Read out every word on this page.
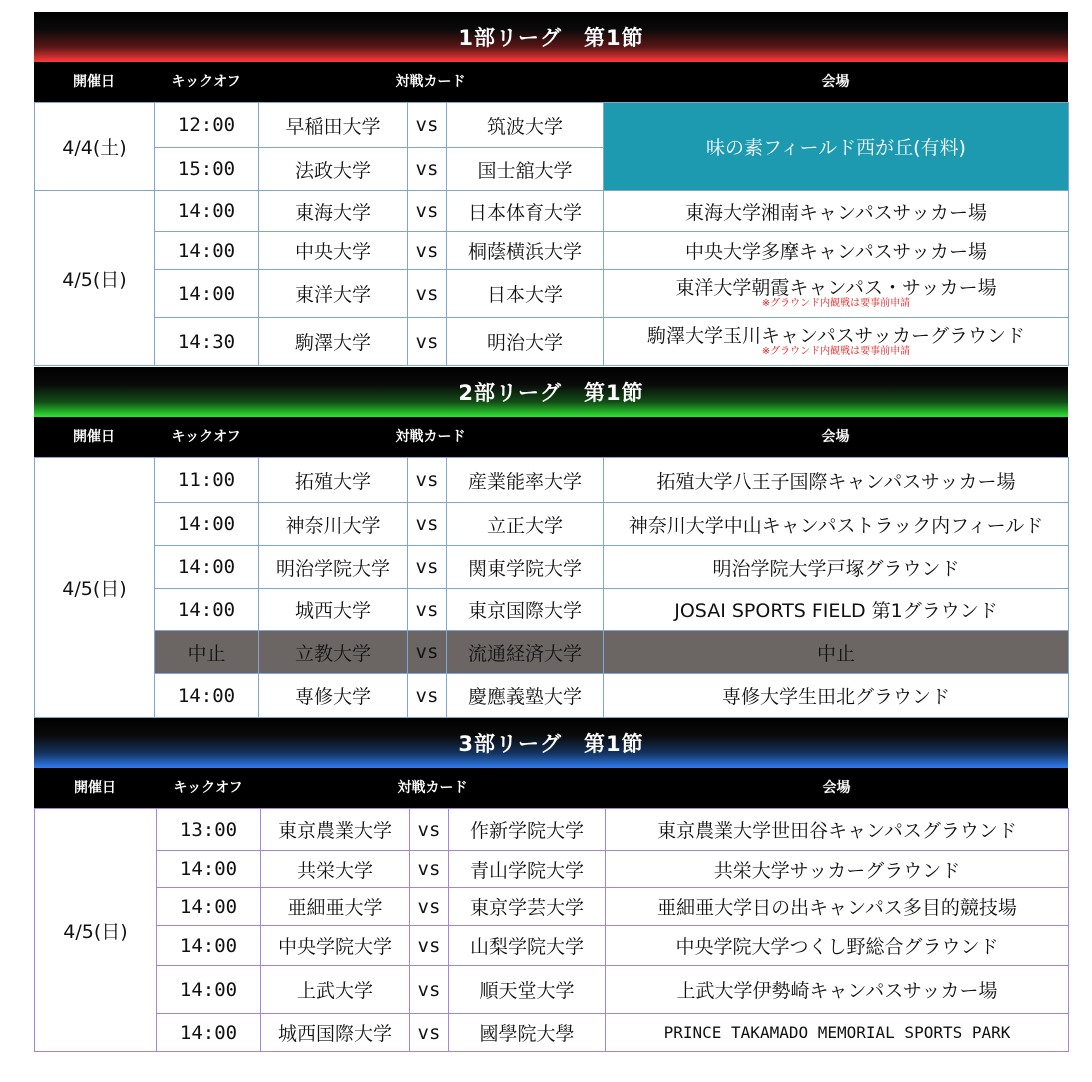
1部リーグ　第1節
開催日	キックオフ	対戦カード	会場
4/4(土)	12:00	早稲田大学	vs	筑波大学	味の素フィールド西が丘(有料)
	15:00	法政大学	vs	国士舘大学	
4/5(日)	14:00	東海大学	vs	日本体育大学	東海大学湘南キャンパスサッカー場
	14:00	中央大学	vs	桐蔭横浜大学	中央大学多摩キャンパスサッカー場
	14:00	東洋大学	vs	日本大学	東洋大学朝霞キャンパス・サッカー場
※グラウンド内観戦は要事前申請

	14:30	駒澤大学	vs	明治大学	駒澤大学玉川キャンパスサッカーグラウンド
※グラウンド内観戦は要事前申請
2部リーグ　第1節
開催日	キックオフ	対戦カード	会場
4/5(日)	11:00	拓殖大学	vs	産業能率大学	拓殖大学八王子国際キャンパスサッカー場
	14:00	神奈川大学	vs	立正大学	神奈川大学中山キャンパストラック内フィールド
	14:00	明治学院大学	vs	関東学院大学	明治学院大学戸塚グラウンド
	14:00	城西大学	vs	東京国際大学	JOSAI SPORTS FIELD 第1グラウンド
	中止	立教大学	vs	流通経済大学	中止
	14:00	専修大学	vs	慶應義塾大学	専修大学生田北グラウンド
3部リーグ　第1節
開催日	キックオフ	対戦カード	会場
4/5(日)	13:00	東京農業大学	vs	作新学院大学	東京農業大学世田谷キャンパスグラウンド
	14:00	共栄大学	vs	青山学院大学	共栄大学サッカーグラウンド
	14:00	亜細亜大学	vs	東京学芸大学	亜細亜大学日の出キャンパス多目的競技場
	14:00	中央学院大学	vs	山梨学院大学	中央学院大学つくし野総合グラウンド
	14:00	上武大学	vs	順天堂大学	上武大学伊勢崎キャンパスサッカー場
	14:00	城西国際大学	vs	國學院大學	PRINCE TAKAMADO MEMORIAL SPORTS PARK
